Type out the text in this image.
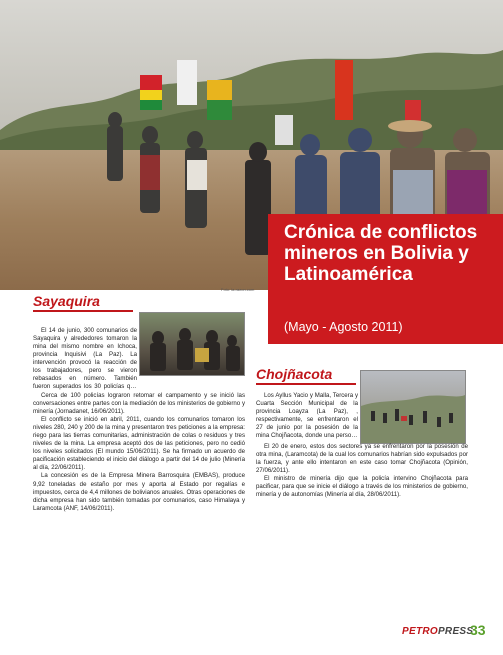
Foto: la-razon.com
Crónica de conflictos mineros en Bolivia y Latinoamérica
(Mayo - Agosto 2011)
Sayaquira

El 14 de junio, 300 comunarios de Sayaquira y alrededores tomaron la mina del mismo nombre en Ichoca, provincia Inquisivi (La Paz). La intervención provocó la reacción de los trabajadores, pero se vieron rebasados en número. También fueron superados los 30 policías que

Cerca de 100 policías lograron retomar el campamento y se inició las conversaciones entre partes con la mediación de los ministerios de gobierno y minería (Jornadanet, 16/06/2011).

El conflicto se inició en abril, 2011, cuando los comunarios tomaron los niveles 280, 240 y 200 de la mina y presentaron tres peticiones a la empresa: riego para las tierras comunitarias, administración de colas o residuos y tres niveles de la mina. La empresa aceptó dos de las peticiones, pero no cedió los niveles solicitados (El mundo 15/06/2011). Se ha firmado un acuerdo de pacificación estableciendo el inicio del diálogo a partir del 14 de julio (Minería al día, 22/06/2011).

La concesión es de la Empresa Minera Barrosquira (EMBAS), produce 9,92 toneladas de estaño por mes y aporta al Estado por regalías e impuestos, cerca de 4,4 millones de bolivianos anuales. Otras operaciones de dicha empresa han sido también tomadas por comunarios, caso Himalaya y Laramcota (ANF, 14/06/2011).

Chojñacota

Los Ayllus Yacio y Malla, Tercera y Cuarta Sección Municipal de la provincia Loayza (La Paz), , respectivamente, se enfrentaron el 27 de junio por la posesión de la mina Chojñacota, donde una persona

El 20 de enero, estos dos sectores ya se enfrentaron por la posesión de otra mina, (Laramcota) de la cual los comunarios habrían sido expulsados por la fuerza, y ante ello intentaron en este caso tomar Chojñacota (Opinión, 27/06/2011).

El ministro de minería dijo que la policía intervino Chojñacota para pacificar, para que se inicie el diálogo a través de los ministerios de gobierno, minería y de autonomías (Minería al día, 28/06/2011).

PETROPRESS
33
